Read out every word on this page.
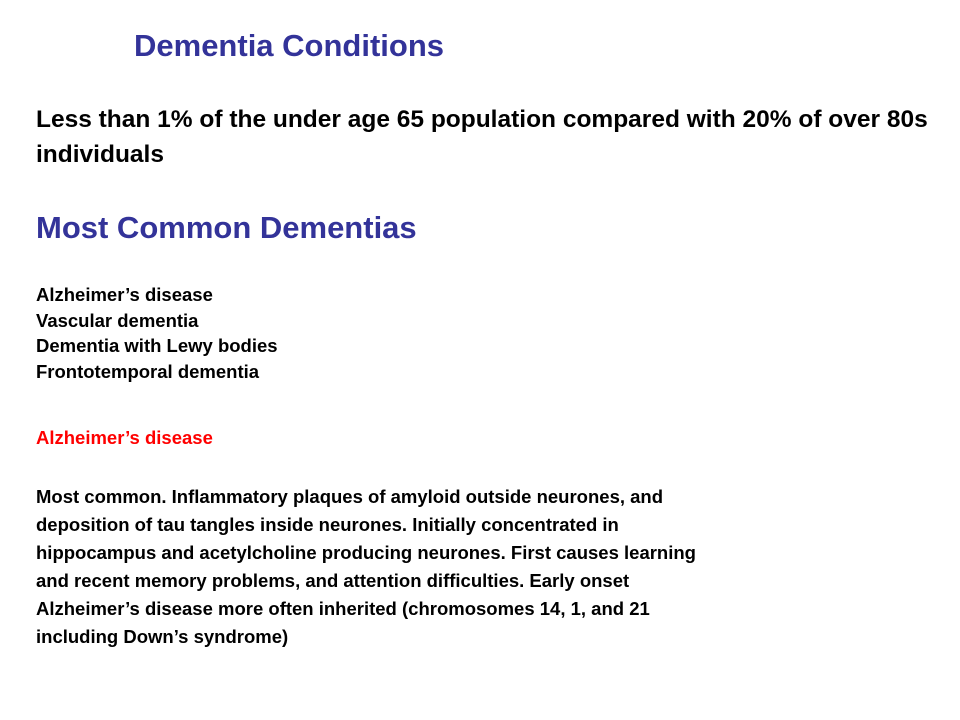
Dementia Conditions
Less than 1% of the under age 65 population compared with 20% of over 80s individuals
Most Common Dementias
Alzheimer’s disease
Vascular dementia
Dementia with Lewy bodies
Frontotemporal dementia
Alzheimer’s disease
Most common. Inflammatory plaques of amyloid outside neurones, and
deposition of tau tangles inside neurones. Initially concentrated in
hippocampus and acetylcholine producing neurones. First causes learning
and recent memory problems, and attention difficulties. Early onset
Alzheimer’s disease more often inherited (chromosomes 14, 1, and 21
including Down’s syndrome)
